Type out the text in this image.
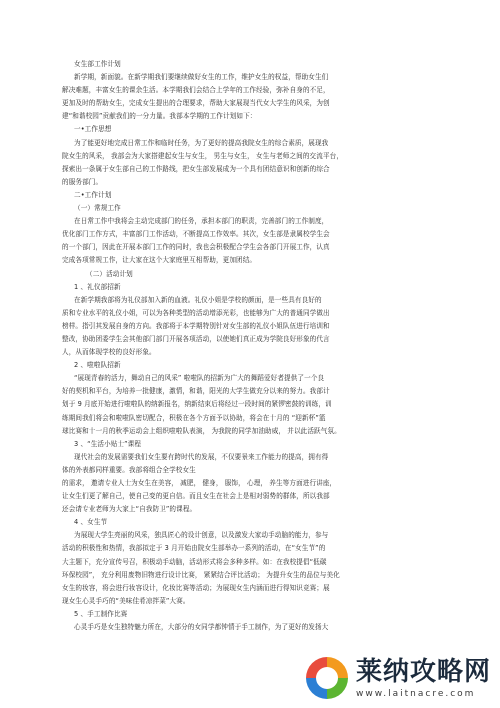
女生部工作计划

新学期，新面貌。在新学期我们要继续做好女生的工作，维护女生的权益，帮助女生们

解决难题，丰富女生的课余生活。本学期我们会结合上学年的工作经验，弥补自身的不足，

更加及时的帮助女生，完成女生提出的合理要求，帮助大家展现当代女大学生的风采，为创

建“和谐校园”贡献我们的一分力量。我部本学期的工作计划如下：

一•工作思想

为了能更好地完成日常工作和临时任务，为了更好的提高我院女生的综合素质，展现我

院女生的风采， 我部会为大家搭建起女生与女生， 男生与女生， 女生与老师之间的交流平台，

探索出一条属于女生部自己的工作路线，把女生部发展成为一个具有团结意识和创新的综合

的服务部门。

二•工作计划

（一）常规工作

在日常工作中我将会主动完成部门的任务，承担本部门的职责，完善部门的工作制度，

优化部门工作方式，丰富部门工作活动，不断提高工作效率。其次，女生部是隶属校学生会

的一个部门，因此在开展本部门工作的同时，我也会积极配合学生会各部门开展工作，认真

完成各项常规工作，让大家在这个大家庭里互相帮助，更加团结。

（二）活动计划

1 、礼仪部招新

在新学期我部将为礼仪部加入新的血液。礼仪小姐是学校的颜面，是一些具有良好的

质和专业水平的礼仪小姐，可以为各种类型的活动增添光彩，也能够为广大的普通同学做出

榜样。指引其发展自身的方向。我部将于本学期特别针对女生部的礼仪小姐队伍进行培训和

整改，协助团委学生会其他部门部门开展各项活动，以使她们真正成为学院良好形象的代言

人，从而体现学校的良好形象。

2 、啦啦队招新

“展现青春的活力，舞动自己的风采” 啦啦队的招新为广大的舞蹈爱好者提供了一个良

好的契机和平台，为培养一批健康，激情，和谐，阳光的大学生做充分以来的努力。我部计

划于 9 月底开始进行啦啦队的纳新报名，纳新结束后将经过一段时间的紧锣密鼓的训练，训

练期间我们将会和啦啦队密切配合，积极在各个方面予以协助，将会在十月的 “迎新杯”篮

球比赛和十一月的秋季运动会上组织啦啦队表演， 为我院的同学加油助威， 并以此活跃气氛。

3 、“生活小贴士”课程

现代社会的发展需要我们女生要有跨时代的发展，不仅要景来工作能力的提高，拥有得

体的外表都同样重要。我部将组合全学校女生

的需求， 邀请专业人士为女生在美容， 减肥， 健身， 服饰， 心理， 养生等方面进行讲座，

让女生们更了解自己，使自己变的更自信。而且女生在社会上是相对弱势的群体，所以我部

还会请专业老师为大家上“自我防卫”的课程。

4 、女生节

为展现大学生亮丽的风采，独具匠心的设计创意，以及激发大家动手动脑的能力，参与

活动的积极性和热情，我部拟定于 3 月开始由院女生部举办一系列的活动，在“女生节”的

大主题下，充分宣传号召，积极动手动脑，活动形式将会多种多样。如：在我校提倡“低碳

环保校园”， 充分利用废物旧物进行设计比赛， 紧紧结合评比活动； 为提升女生的品位与美化

女生的妆容，将会进行妆容设计，化妆比赛等活动；为展现女生内涵而进行得知识竞赛；展

现女生心灵手巧的“美味佳肴凉拌菜”大赛。

5 、手工制作比赛

心灵手巧是女生独特魅力所在，大部分的女同学都钟情于手工制作，为了更好的发扬大

莱纳攻略网
www.laitnacre.com
